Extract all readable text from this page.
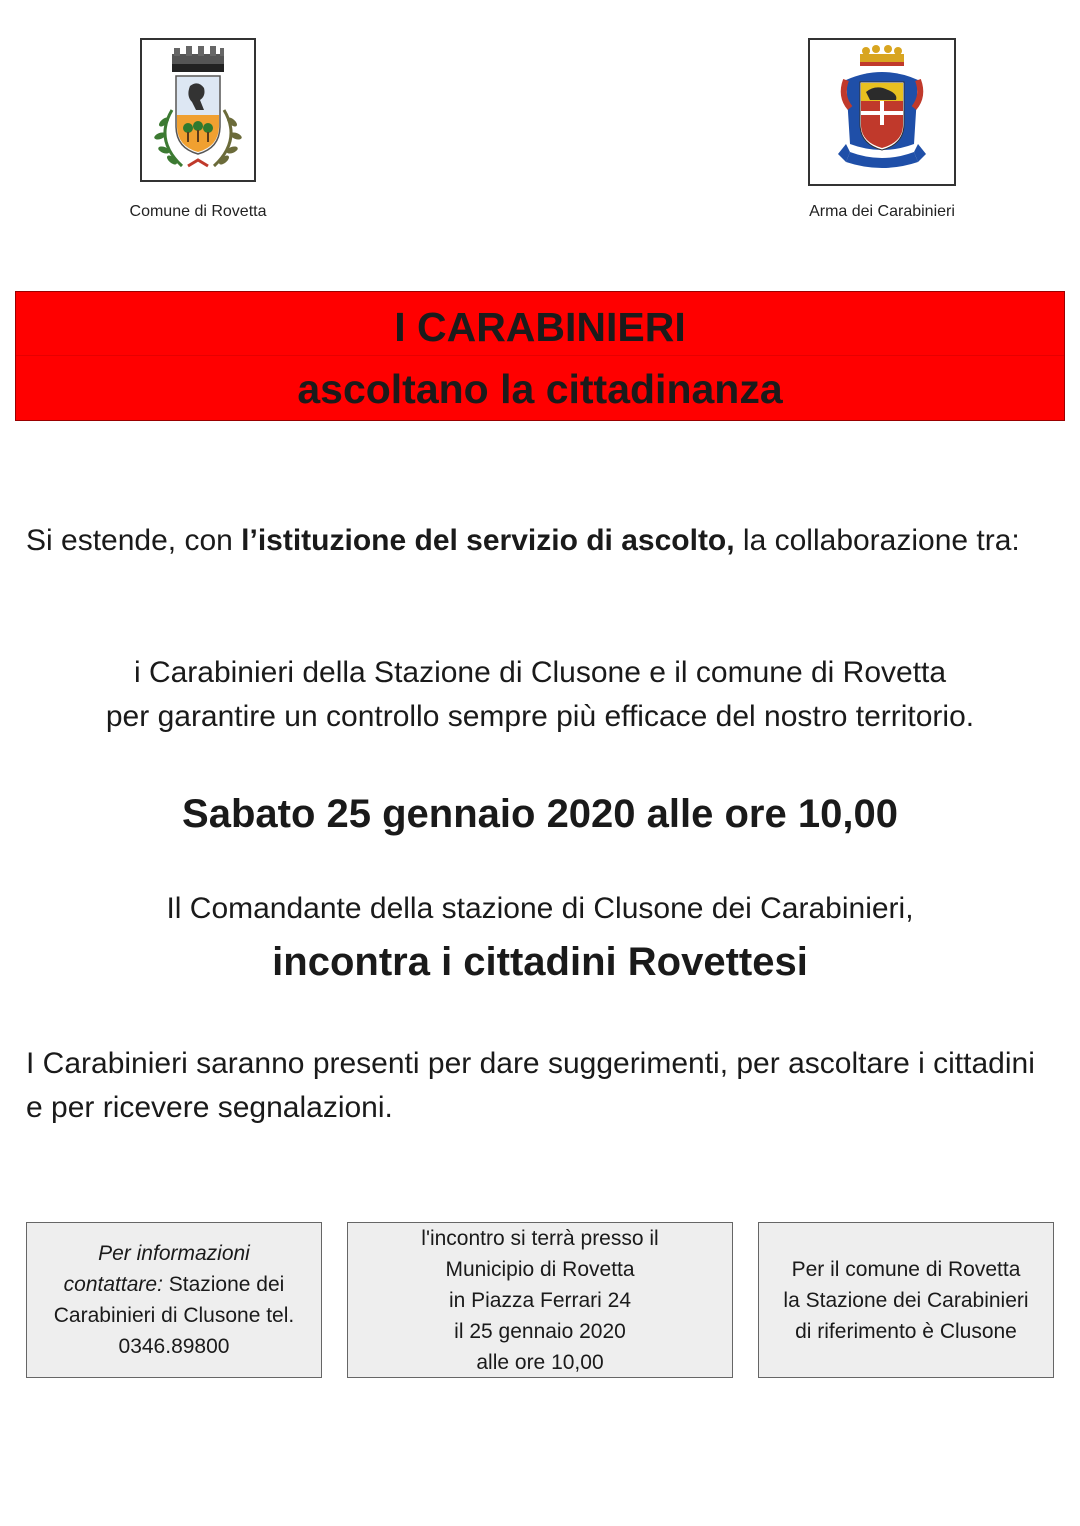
Comune di Rovetta	Arma dei Carabinieri
I CARABINIERI
ascoltano la cittadinanza
Si estende, con l’istituzione del servizio di ascolto, la collaborazione tra:
i Carabinieri della Stazione di Clusone e il comune di Rovetta
per garantire un controllo sempre più efficace del nostro territorio.
Sabato 25 gennaio 2020 alle ore 10,00
Il Comandante della stazione di Clusone dei Carabinieri,
incontra i cittadini Rovettesi
I Carabinieri saranno presenti per dare suggerimenti, per ascoltare i cittadini e per ricevere segnalazioni.
Per informazioni
contattare: Stazione dei
Carabinieri di Clusone tel.
0346.89800
l'incontro si terrà presso il
Municipio di Rovetta
in Piazza Ferrari 24
il 25 gennaio 2020
alle ore 10,00
Per il comune di Rovetta
la Stazione dei Carabinieri
di riferimento è Clusone
